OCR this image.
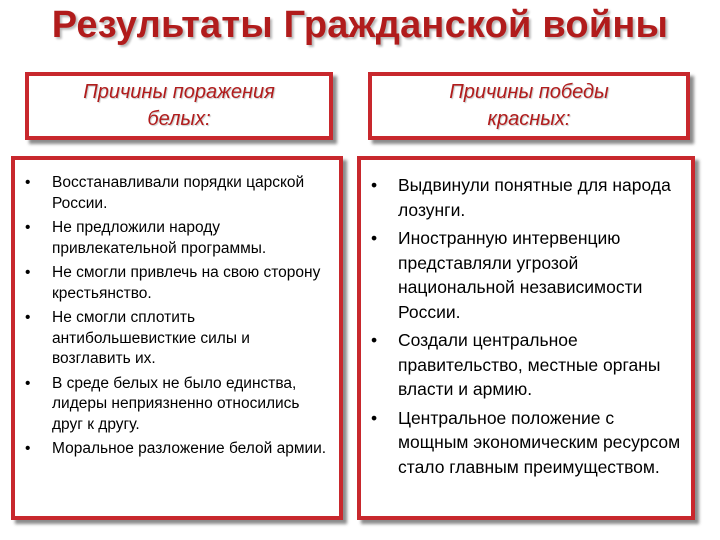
Результаты Гражданской войны
Причины поражения
белых:
Причины победы
красных:
• Восстанавливали порядки царской России.
• Не предложили народу привлекательной программы.
• Не смогли привлечь на свою сторону крестьянство.
• Не смогли сплотить антибольшевисткие силы и возглавить их.
• В среде белых не было единства, лидеры неприязненно относились друг к другу.
• Моральное разложение белой армии.
• Выдвинули понятные для народа лозунги.
• Иностранную интервенцию представляли угрозой национальной независимости России.
• Создали центральное правительство, местные органы власти и армию.
• Центральное положение с мощным экономическим ресурсом стало главным преимуществом.
